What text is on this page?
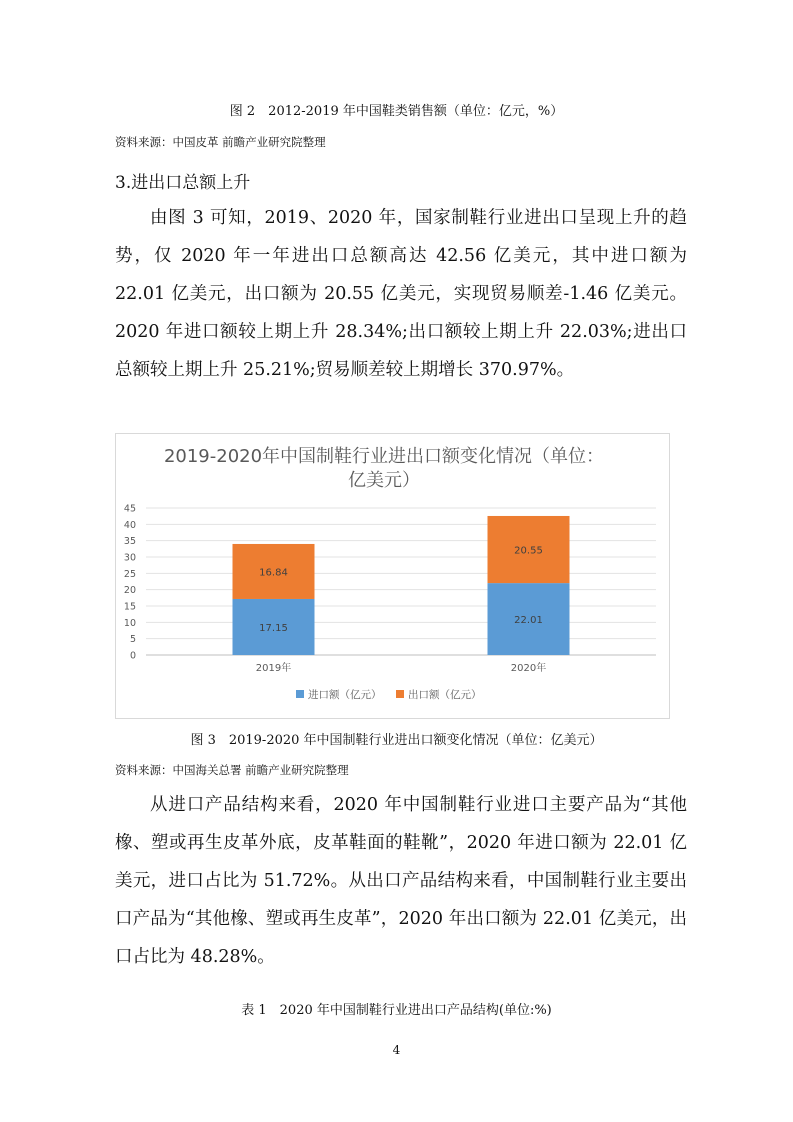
图 2　2012-2019 年中国鞋类销售额（单位：亿元，%）
资料来源：中国皮革 前瞻产业研究院整理
3.进出口总额上升
由图 3 可知，2019、2020 年，国家制鞋行业进出口呈现上升的趋势，仅 2020 年一年进出口总额高达 42.56 亿美元，其中进口额为 22.01 亿美元，出口额为 20.55 亿美元，实现贸易顺差-1.46 亿美元。2020 年进口额较上期上升 28.34%;出口额较上期上升 22.03%;进出口总额较上期上升 25.21%;贸易顺差较上期增长 370.97%。
2019-2020年中国制鞋行业进出口额变化情况（单位：
亿美元）
17.15
16.84
22.01
20.55
0
5
10
15
20
25
30
35
40
45
2019年	2020年
进口额（亿元）	出口额（亿元）
图 3　2019-2020 年中国制鞋行业进出口额变化情况（单位：亿美元）
资料来源：中国海关总署 前瞻产业研究院整理
从进口产品结构来看，2020 年中国制鞋行业进口主要产品为“其他橡、塑或再生皮革外底，皮革鞋面的鞋靴”，2020 年进口额为 22.01 亿美元，进口占比为 51.72%。从出口产品结构来看，中国制鞋行业主要出口产品为“其他橡、塑或再生皮革”，2020 年出口额为 22.01 亿美元，出口占比为 48.28%。
表 1　2020 年中国制鞋行业进出口产品结构(单位:%)
4
